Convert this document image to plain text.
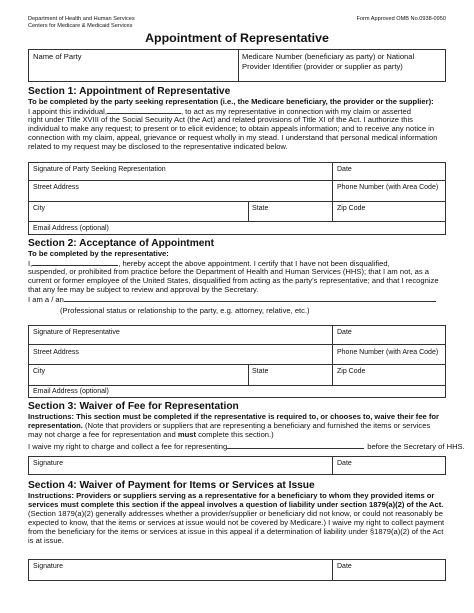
Department of Health and Human Services
Centers for Medicare & Medicaid Services
Form Approved OMB No.0938-0950
Appointment of Representative
Name of Party	Medicare Number (beneficiary as party) or National
Provider Identifier (provider or supplier as party)
Section 1: Appointment of Representative
To be completed by the party seeking representation (i.e., the Medicare beneficiary, the provider or the supplier):
I appoint this individual,	, to act as my representative in connection with my claim or asserted
right under Title XVIII of the Social Security Act (the Act) and related provisions of Title XI of the Act. I authorize this
individual to make any request; to present or to elicit evidence; to obtain appeals information; and to receive any notice in
connection with my claim, appeal, grievance or request wholly in my stead. I understand that personal medical information
related to my request may be disclosed to the representative indicated below.
Signature of Party Seeking Representation	Date
Street Address	Phone Number (with Area Code)
City	State	Zip Code
Email Address (optional)
Section 2: Acceptance of Appointment
To be completed by the representative:
I,	, hereby accept the above appointment. I certify that I have not been disqualified,
suspended, or prohibited from practice before the Department of Health and Human Services (HHS); that I am not, as a
current or former employee of the United States, disqualified from acting as the party’s representative; and that I recognize
that any fee may be subject to review and approval by the Secretary.
I am a / an
(Professional status or relationship to the party, e.g. attorney, relative, etc.)
Signature of Representative	Date
Street Address	Phone Number (with Area Code)
City	State	Zip Code
Email Address (optional)
Section 3: Waiver of Fee for Representation
Instructions: This section must be completed if the representative is required to, or chooses to, waive their fee for
representation. (Note that providers or suppliers that are representing a beneficiary and furnished the items or services
may not charge a fee for representation and must complete this section.)
I waive my right to charge and collect a fee for representing	before the Secretary of HHS.
Signature	Date
Section 4: Waiver of Payment for Items or Services at Issue
Instructions: Providers or suppliers serving as a representative for a beneficiary to whom they provided items or
services must complete this section if the appeal involves a question of liability under section 1879(a)(2) of the Act.
(Section 1879(a)(2) generally addresses whether a provider/supplier or beneficiary did not know, or could not reasonably be
expected to know, that the items or services at issue would not be covered by Medicare.) I waive my right to collect payment
from the beneficiary for the items or services at issue in this appeal if a determination of liability under §1879(a)(2) of the Act
is at issue.
Signature	Date
